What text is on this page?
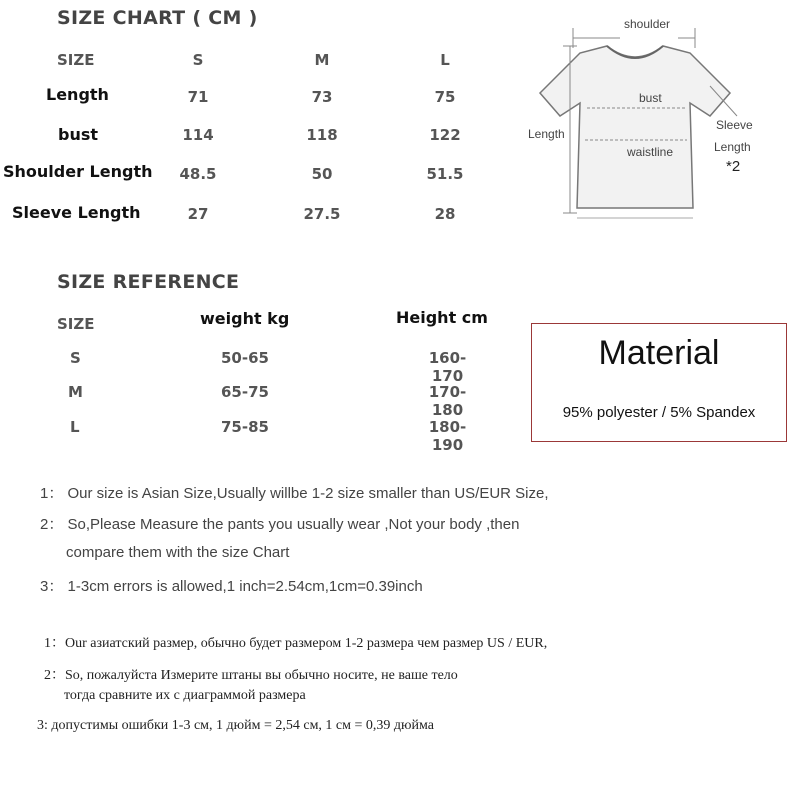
SIZE CHART ( CM )
SIZE	S	M	L
Length	71	73	75
bust	114	118	122
Shoulder Length	48.5	50	51.5
Sleeve Length	27	27.5	28
shoulder
bust
Length
waistline
Sleeve
Length
*2
SIZE REFERENCE
SIZE	weight kg	Height cm
S	50-65	160-170
M	65-75	170-180
L	75-85	180-190
Material
95% polyester / 5% Spandex
1： Our size is Asian Size,Usually willbe 1-2 size smaller than US/EUR Size,
2： So,Please Measure the pants you usually wear ,Not your body ,then
compare them with the size Chart
3： 1-3cm errors is allowed,1 inch=2.54cm,1cm=0.39inch
1：Our азиатский размер, обычно будет размером 1-2 размера чем размер US / EUR,
2：So, пожалуйста Измерите штаны вы обычно носите, не ваше тело
тогда сравните их с диаграммой размера
3: допустимы ошибки 1-3 см, 1 дюйм = 2,54 см, 1 см = 0,39 дюйма
